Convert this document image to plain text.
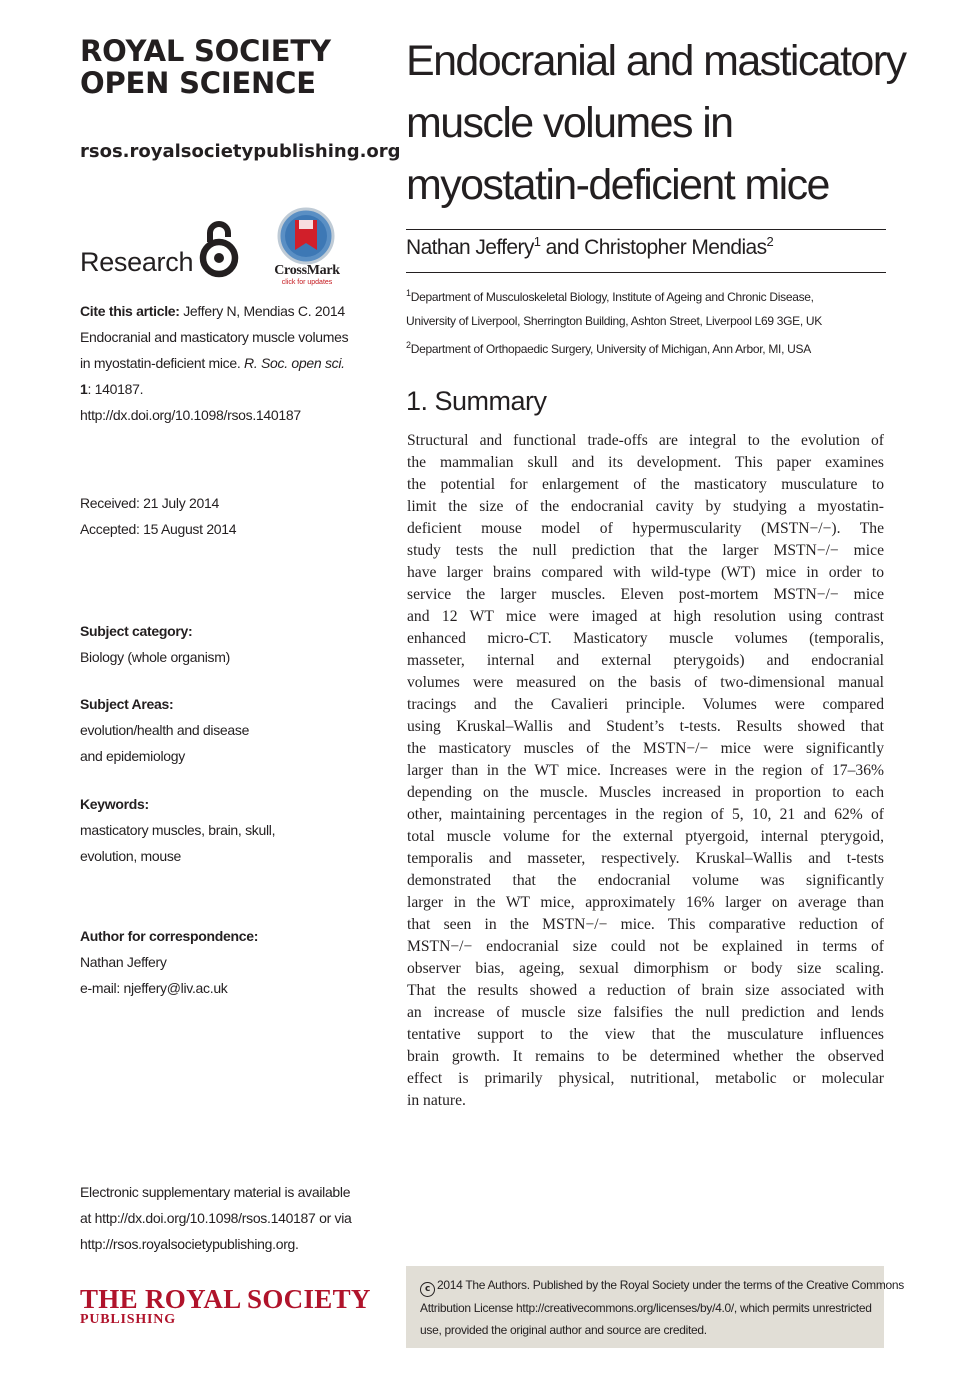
ROYAL SOCIETY
OPEN SCIENCE
rsos.royalsocietypublishing.org
Research	CrossMark
click for updates
Cite this article: Jeffery N, Mendias C. 2014
Endocranial and masticatory muscle volumes
in myostatin-deficient mice. R. Soc. open sci.
1: 140187.
http://dx.doi.org/10.1098/rsos.140187
Received: 21 July 2014
Accepted: 15 August 2014
Subject category:
Biology (whole organism)
Subject Areas:
evolution/health and disease
and epidemiology
Keywords:
masticatory muscles, brain, skull,
evolution, mouse
Author for correspondence:
Nathan Jeffery
e-mail: njeffery@liv.ac.uk
Endocranial and masticatory
muscle volumes in
myostatin-deficient mice
Nathan Jeffery$^1$ and Christopher Mendias$^2$
$^1$Department of Musculoskeletal Biology, Institute of Ageing and Chronic Disease,
University of Liverpool, Sherrington Building, Ashton Street, Liverpool L69 3GE, UK
$^2$Department of Orthopaedic Surgery, University of Michigan, Ann Arbor, MI, USA
1. Summary
Structural and functional trade-offs are integral to the evolution of
the mammalian skull and its development. This paper examines
the potential for enlargement of the masticatory musculature to
limit the size of the endocranial cavity by studying a myostatin-
deficient mouse model of hypermuscularity (MSTN−/−). The
study tests the null prediction that the larger MSTN−/− mice
have larger brains compared with wild-type (WT) mice in order to
service the larger muscles. Eleven post-mortem MSTN−/− mice
and 12 WT mice were imaged at high resolution using contrast
enhanced micro-CT. Masticatory muscle volumes (temporalis,
masseter, internal and external pterygoids) and endocranial
volumes were measured on the basis of two-dimensional manual
tracings and the Cavalieri principle. Volumes were compared
using Kruskal–Wallis and Student’s t-tests. Results showed that
the masticatory muscles of the MSTN−/− mice were significantly
larger than in the WT mice. Increases were in the region of 17–36%
depending on the muscle. Muscles increased in proportion to each
other, maintaining percentages in the region of 5, 10, 21 and 62% of
total muscle volume for the external ptyergoid, internal pterygoid,
temporalis and masseter, respectively. Kruskal–Wallis and t-tests
demonstrated that the endocranial volume was significantly
larger in the WT mice, approximately 16% larger on average than
that seen in the MSTN−/− mice. This comparative reduction of
MSTN−/− endocranial size could not be explained in terms of
observer bias, ageing, sexual dimorphism or body size scaling.
That the results showed a reduction of brain size associated with
an increase of muscle size falsifies the null prediction and lends
tentative support to the view that the musculature influences
brain growth. It remains to be determined whether the observed
effect is primarily physical, nutritional, metabolic or molecular
in nature.
Electronic supplementary material is available
at http://dx.doi.org/10.1098/rsos.140187 or via
http://rsos.royalsocietypublishing.org.
THE ROYAL SOCIETY
PUBLISHING
c 2014 The Authors. Published by the Royal Society under the terms of the Creative Commons
Attribution License http://creativecommons.org/licenses/by/4.0/, which permits unrestricted
use, provided the original author and source are credited.
